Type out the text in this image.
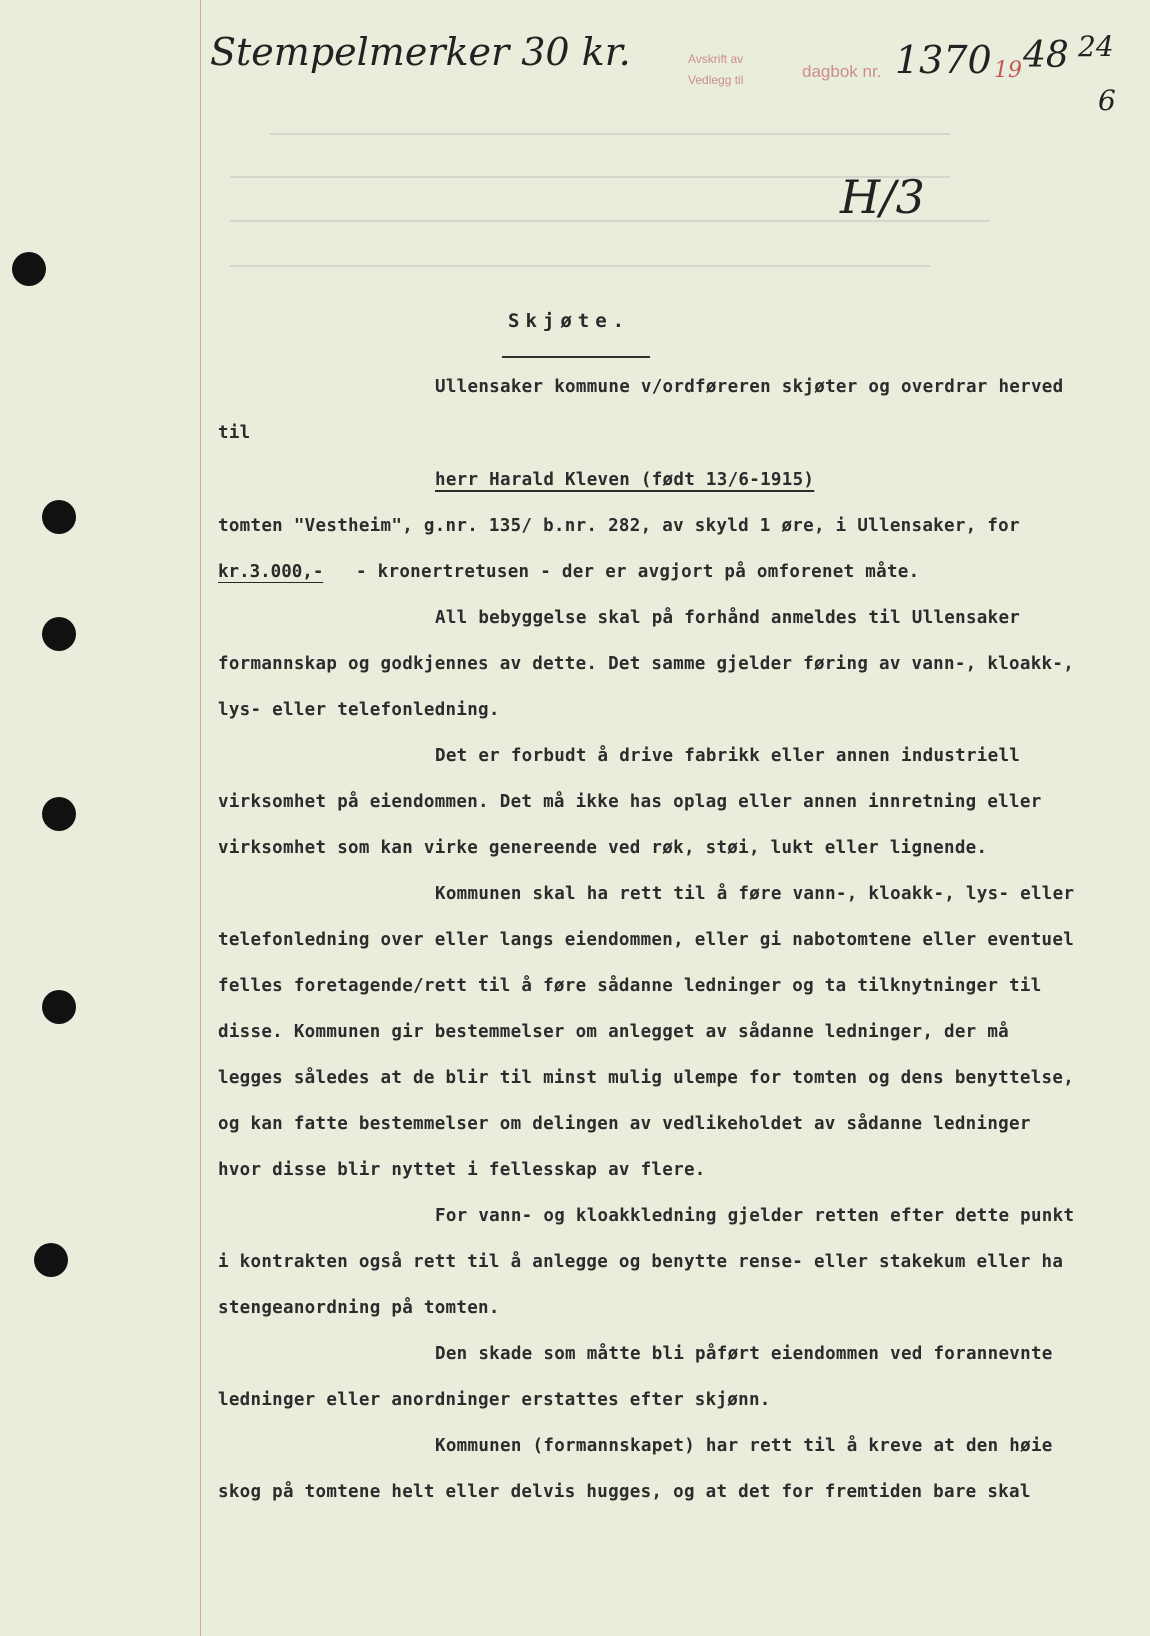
Stempelmerker 30 kr.	Avskrift av
Vedlegg til	dagbok nr. 1370 19 48 24
6
H/3
Skjøte.
Ullensaker kommune v/ordføreren skjøter og overdrar herved
til
herr Harald Kleven (født 13/6-1915)
tomten "Vestheim", g.nr. 135/ b.nr. 282, av skyld 1 øre, i Ullensaker, for
kr.3.000,- - kronertretusen - der er avgjort på omforenet måte.
All bebyggelse skal på forhånd anmeldes til Ullensaker
formannskap og godkjennes av dette. Det samme gjelder føring av vann-, kloakk-,
lys- eller telefonledning.
Det er forbudt å drive fabrikk eller annen industriell
virksomhet på eiendommen. Det må ikke has oplag eller annen innretning eller
virksomhet som kan virke genereende ved røk, støi, lukt eller lignende.
Kommunen skal ha rett til å føre vann-, kloakk-, lys- eller
telefonledning over eller langs eiendommen, eller gi nabotomtene eller eventuel
felles foretagende/rett til å føre sådanne ledninger og ta tilknytninger til
disse. Kommunen gir bestemmelser om anlegget av sådanne ledninger, der må
legges således at de blir til minst mulig ulempe for tomten og dens benyttelse,
og kan fatte bestemmelser om delingen av vedlikeholdet av sådanne ledninger
hvor disse blir nyttet i fellesskap av flere.
For vann- og kloakkledning gjelder retten efter dette punkt
i kontrakten også rett til å anlegge og benytte rense- eller stakekum eller ha
stengeanordning på tomten.
Den skade som måtte bli påført eiendommen ved forannevnte
ledninger eller anordninger erstattes efter skjønn.
Kommunen (formannskapet) har rett til å kreve at den høie
skog på tomtene helt eller delvis hugges, og at det for fremtiden bare skal
